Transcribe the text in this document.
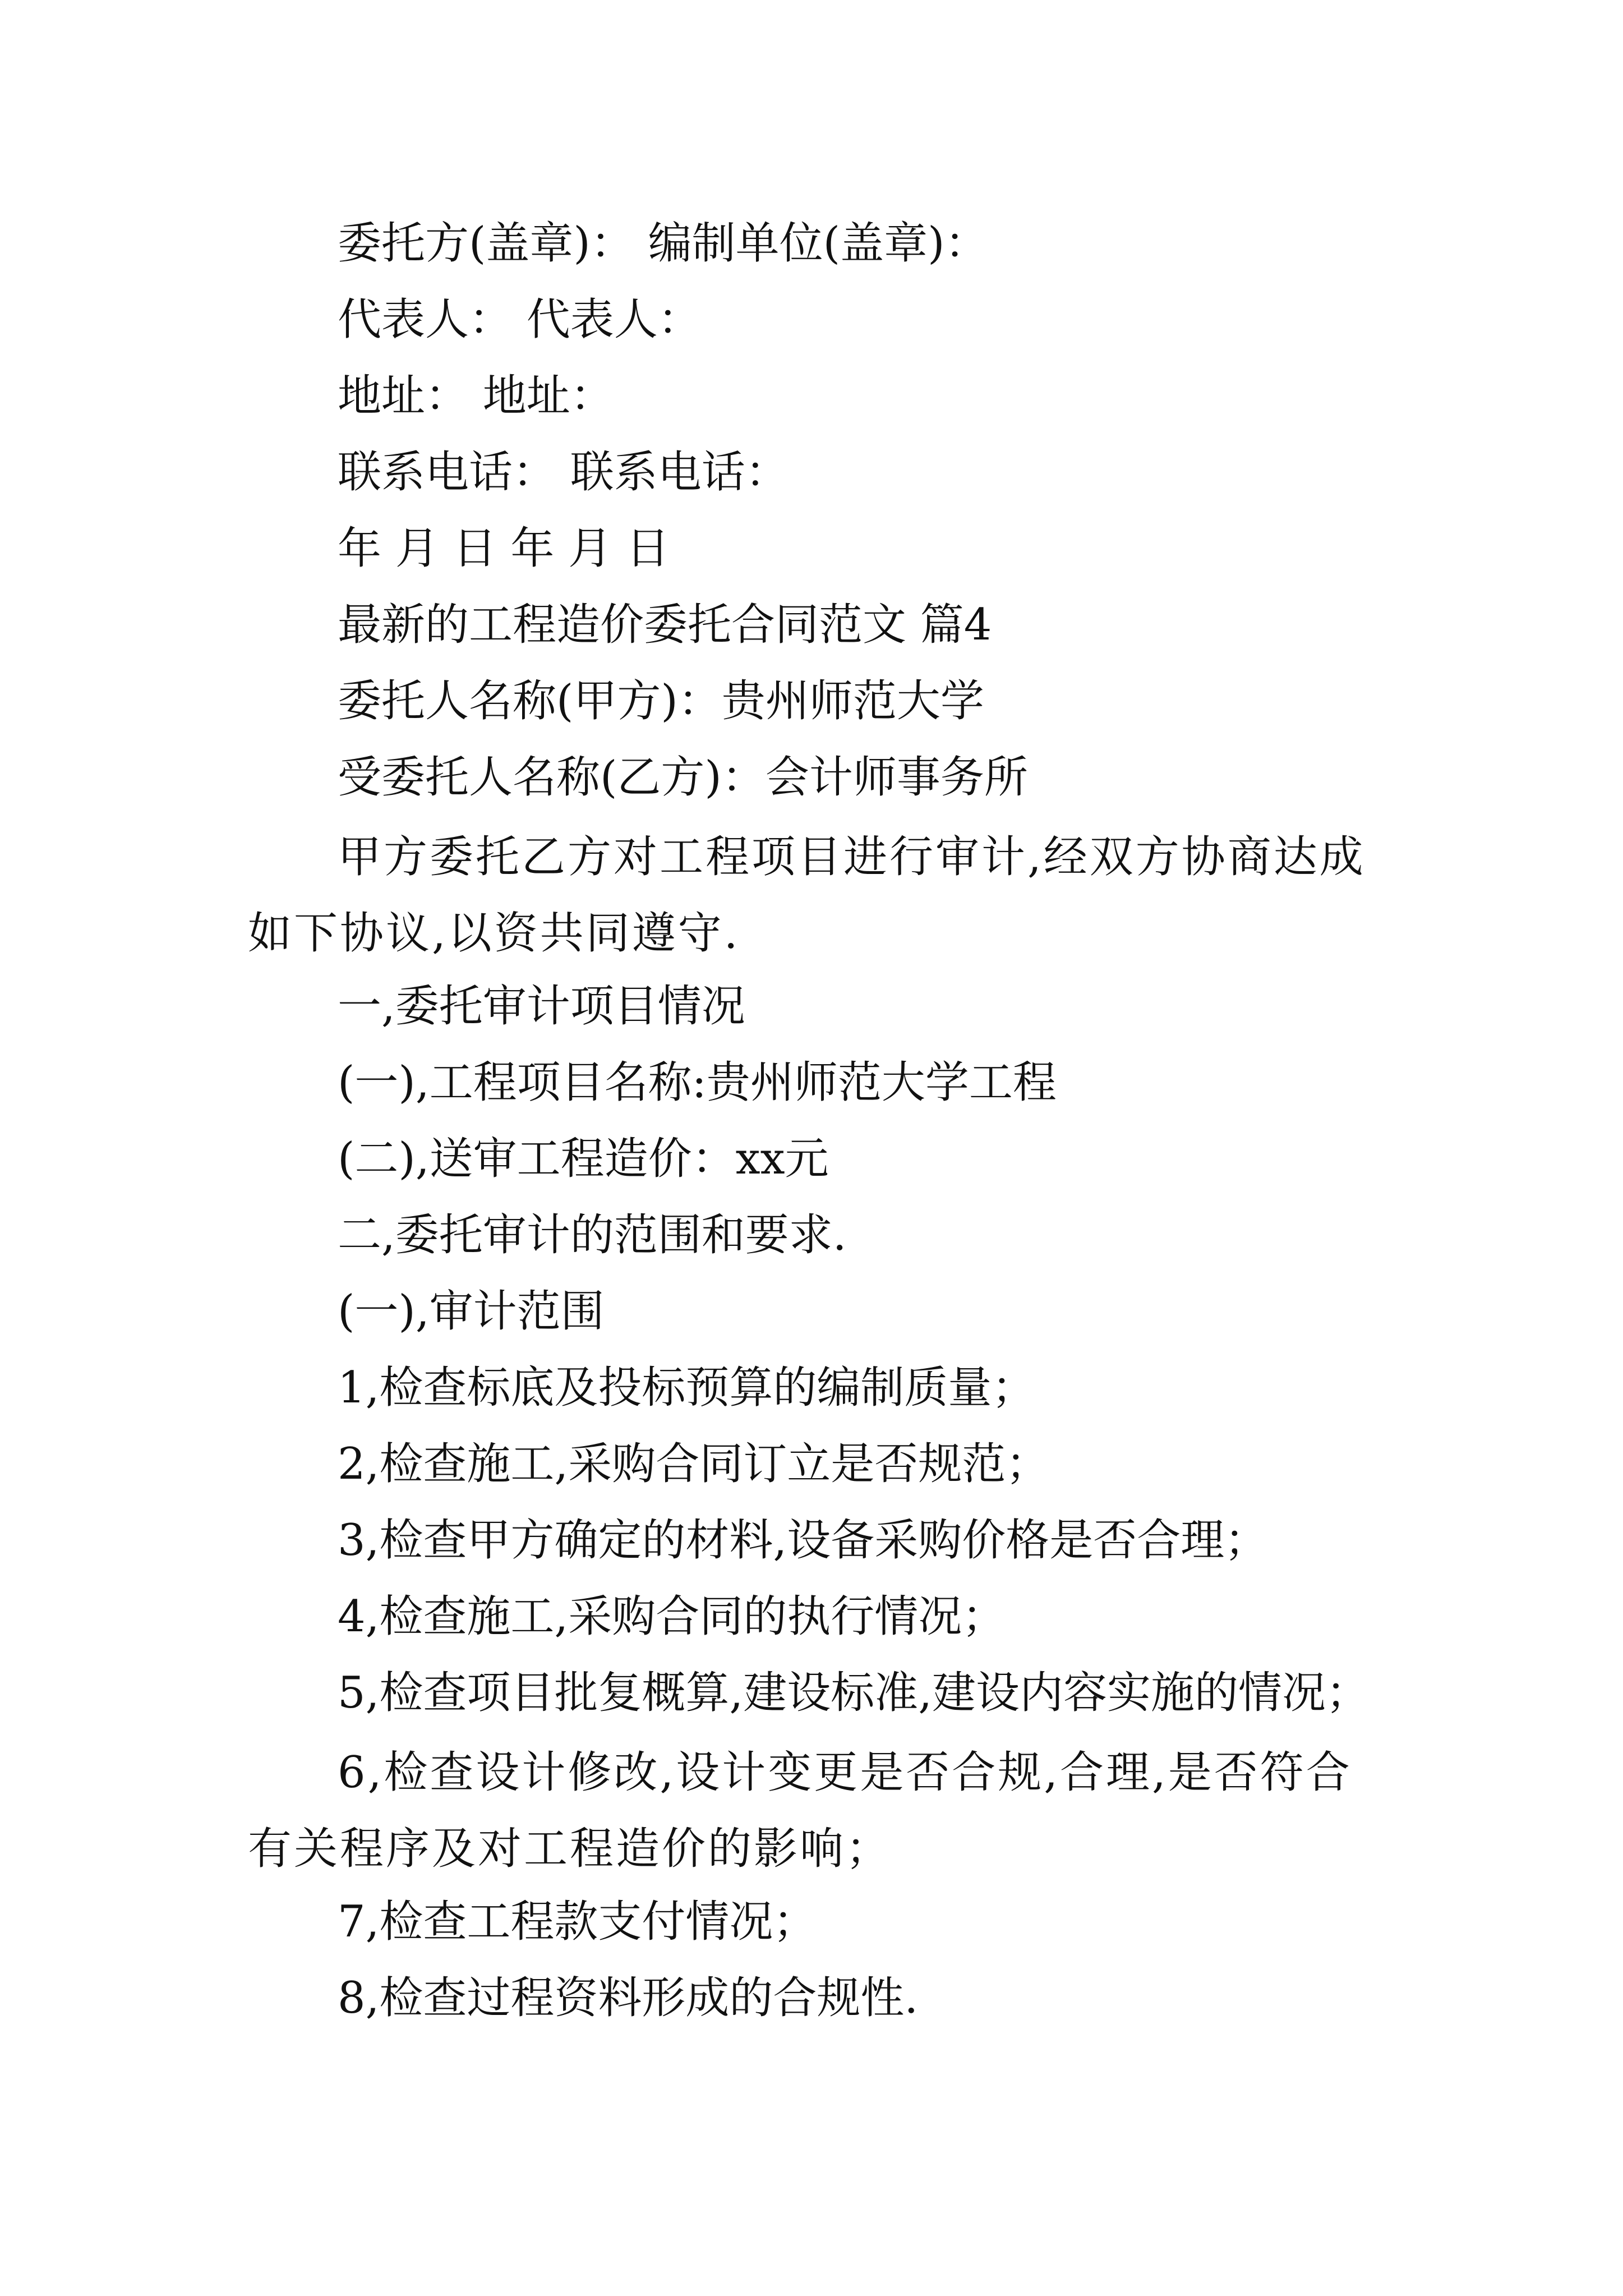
委托方(盖章)： 编制单位(盖章)：
代表人： 代表人：
地址： 地址：
联系电话： 联系电话：
年 月 日 年 月 日
最新的工程造价委托合同范文 篇4
委托人名称(甲方)：贵州师范大学
受委托人名称(乙方)：会计师事务所
甲方委托乙方对工程项目进行审计,经双方协商达成如下协议,以资共同遵守.
一,委托审计项目情况
(一),工程项目名称:贵州师范大学工程
(二),送审工程造价：xx元
二,委托审计的范围和要求.
(一),审计范围
1,检查标底及投标预算的编制质量；
2,检查施工,采购合同订立是否规范；
3,检查甲方确定的材料,设备采购价格是否合理；
4,检查施工,采购合同的执行情况；
5,检查项目批复概算,建设标准,建设内容实施的情况；
6,检查设计修改,设计变更是否合规,合理,是否符合有关程序及对工程造价的影响；
7,检查工程款支付情况；
8,检查过程资料形成的合规性.
